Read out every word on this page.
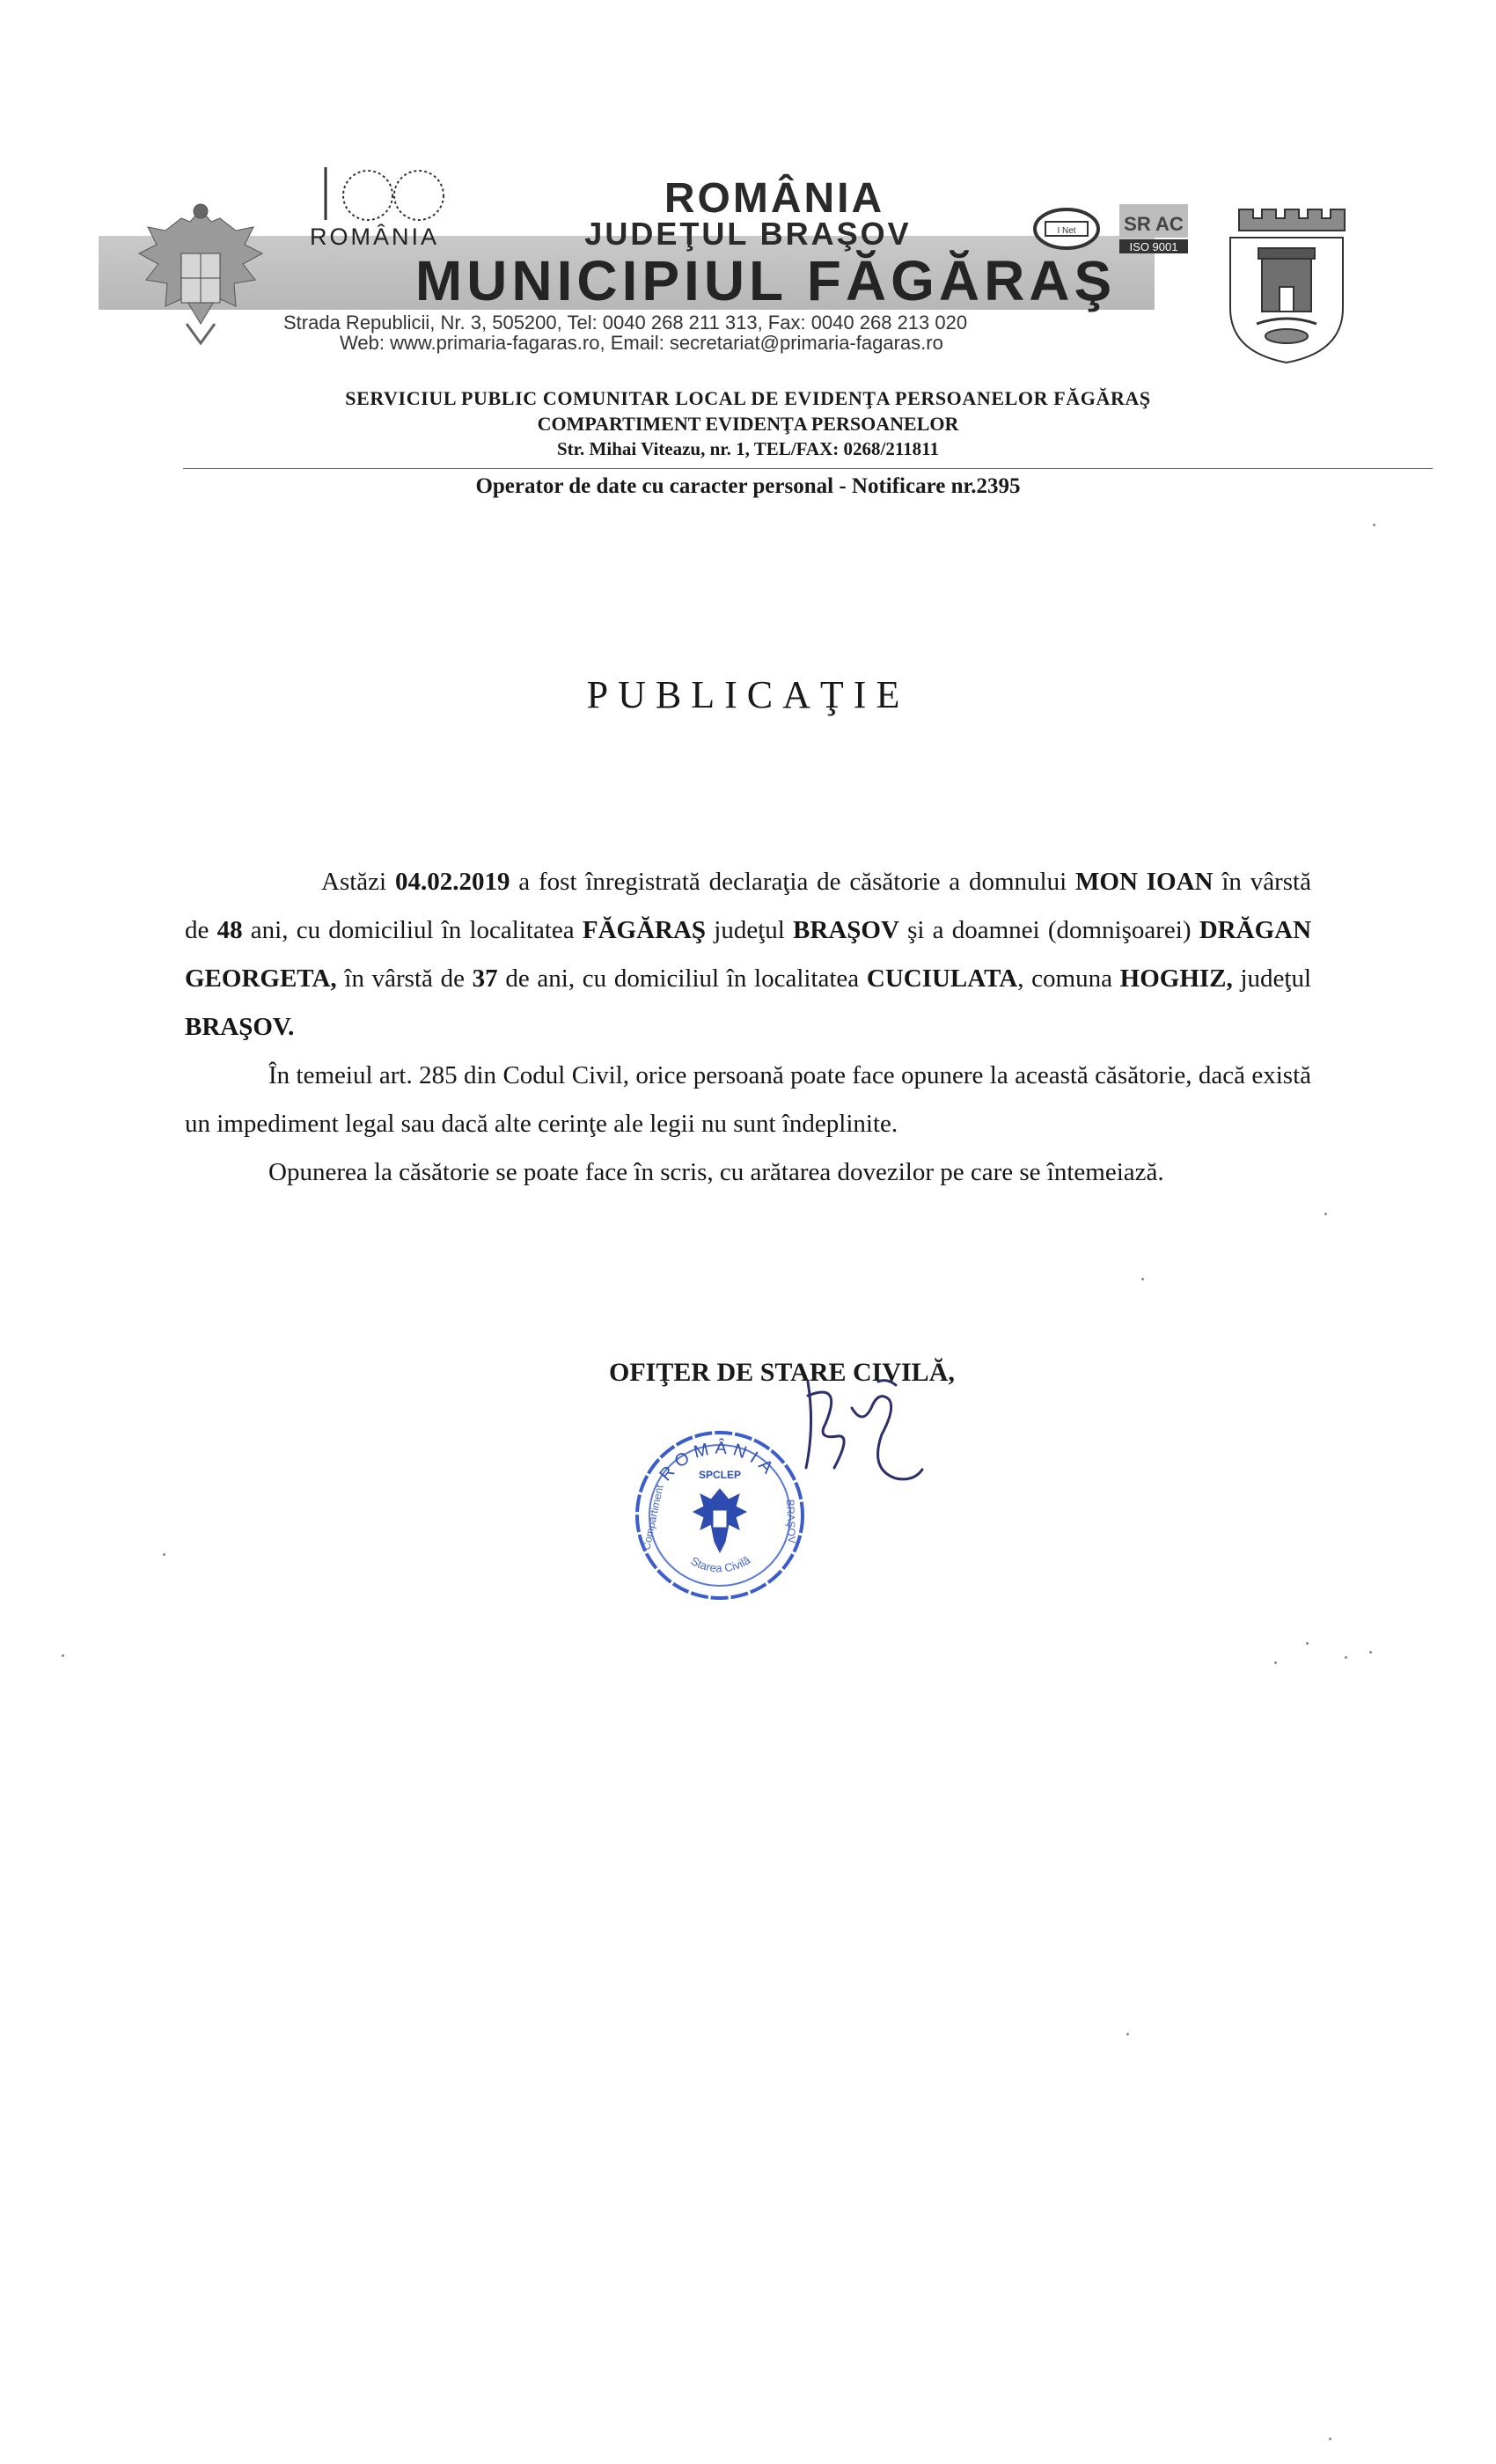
ROMÂNIA
ROMÂNIA
JUDEŢUL BRAŞOV
MUNICIPIUL FĂGĂRAŞ
Strada Republicii, Nr. 3, 505200, Tel: 0040 268 211 313, Fax: 0040 268 213 020
Web: www.primaria-fagaras.ro, Email: secretariat@primaria-fagaras.ro
I Net SR AC
ISO 9001
SERVICIUL PUBLIC COMUNITAR LOCAL DE EVIDENŢA PERSOANELOR FĂGĂRAŞ
COMPARTIMENT EVIDENŢA PERSOANELOR
Str. Mihai Viteazu, nr. 1, TEL/FAX: 0268/211811
Operator de date cu caracter personal - Notificare nr.2395
PUBLICAŢIE

Astăzi 04.02.2019 a fost înregistrată declaraţia de căsătorie a domnului MON IOAN în vârstă de 48 ani, cu domiciliul în localitatea FĂGĂRAŞ judeţul BRAŞOV şi a doamnei (domnişoarei) DRĂGAN GEORGETA, în vârstă de 37 de ani, cu domiciliul în localitatea CUCIULATA, comuna HOGHIZ, judeţul BRAŞOV.

În temeiul art. 285 din Codul Civil, orice persoană poate face opunere la această căsătorie, dacă există un impediment legal sau dacă alte cerinţe ale legii nu sunt îndeplinite.

Opunerea la căsătorie se poate face în scris, cu arătarea dovezilor pe care se întemeiază.

OFIŢER DE STARE CIVILĂ,
ROMÂNIA
SPCLEP
Starea Civilă
Compartiment	BRAŞOV
